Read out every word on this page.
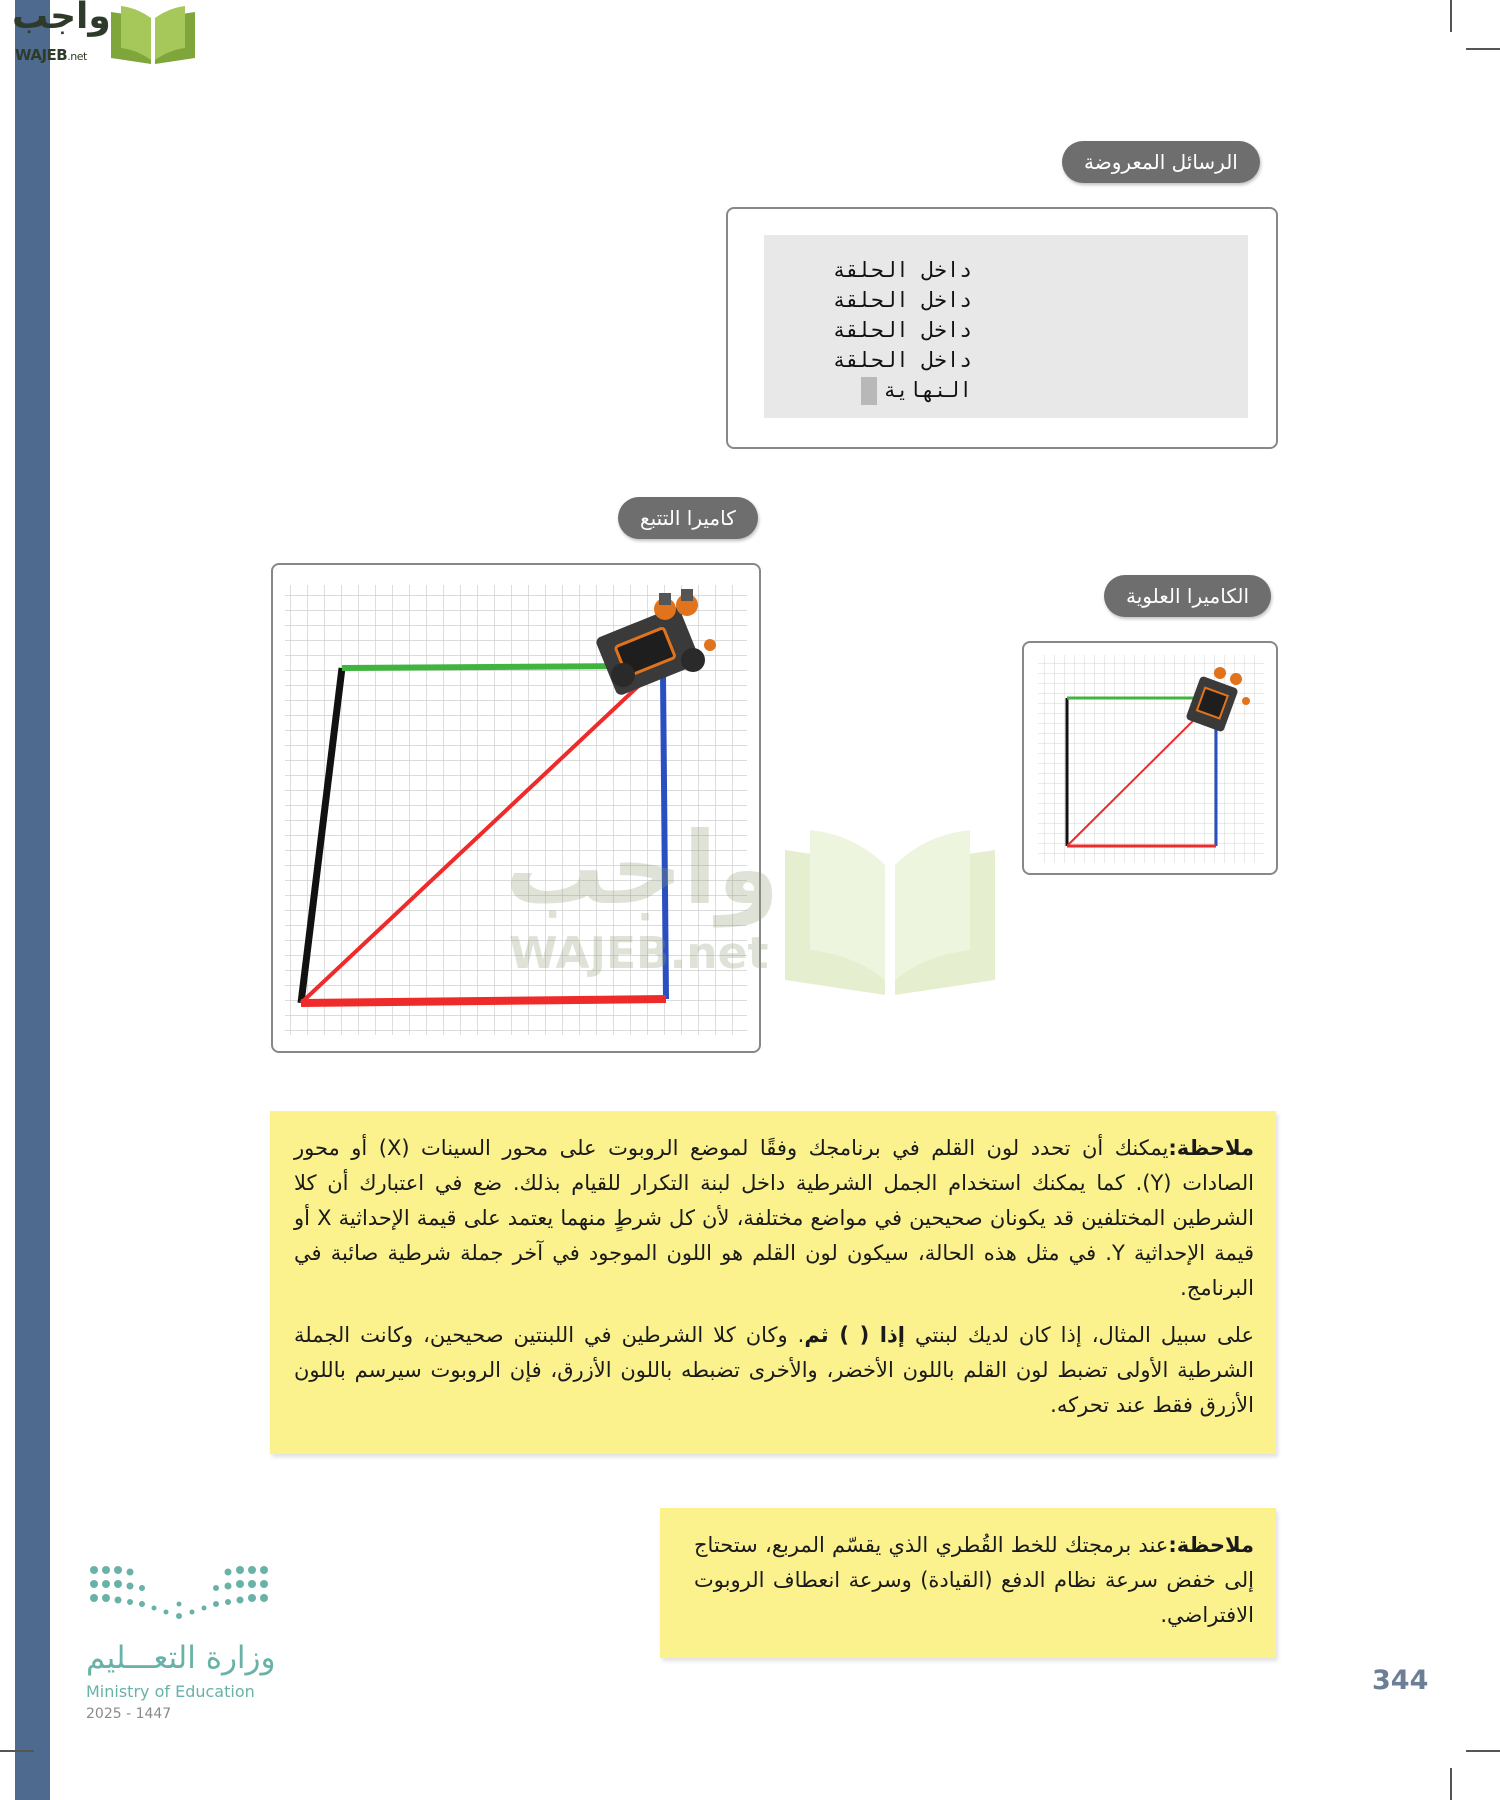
واجب
WAJEB.net
الرسائل المعروضة
داخل الحلقة
داخل الحلقة
داخل الحلقة
داخل الحلقة
النهاية
كاميرا التتبع
الكاميرا العلوية
واجب
WAJEB.net

ملاحظة:يمكنك أن تحدد لون القلم في برنامجك وفقًا لموضع الروبوت على محور السينات (X) أو محور الصادات (Y). كما يمكنك استخدام الجمل الشرطية داخل لبنة التكرار للقيام بذلك. ضع في اعتبارك أن كلا الشرطين المختلفين قد يكونان صحيحين في مواضع مختلفة، لأن كل شرطٍ منهما يعتمد على قيمة الإحداثية X أو قيمة الإحداثية Y. في مثل هذه الحالة، سيكون لون القلم هو اللون الموجود في آخر جملة شرطية صائبة في البرنامج.

على سبيل المثال، إذا كان لديك لبنتي إذا ( ) ثم. وكان كلا الشرطين في اللبنتين صحيحين، وكانت الجملة الشرطية الأولى تضبط لون القلم باللون الأخضر، والأخرى تضبطه باللون الأزرق، فإن الروبوت سيرسم باللون الأزرق فقط عند تحركه.

ملاحظة:عند برمجتك للخط القُطري الذي يقسّم المربع، ستحتاج إلى خفض سرعة نظام الدفع (القيادة) وسرعة انعطاف الروبوت الافتراضي.

344
وزارة التعـــليم
Ministry of Education
2025 - 1447
